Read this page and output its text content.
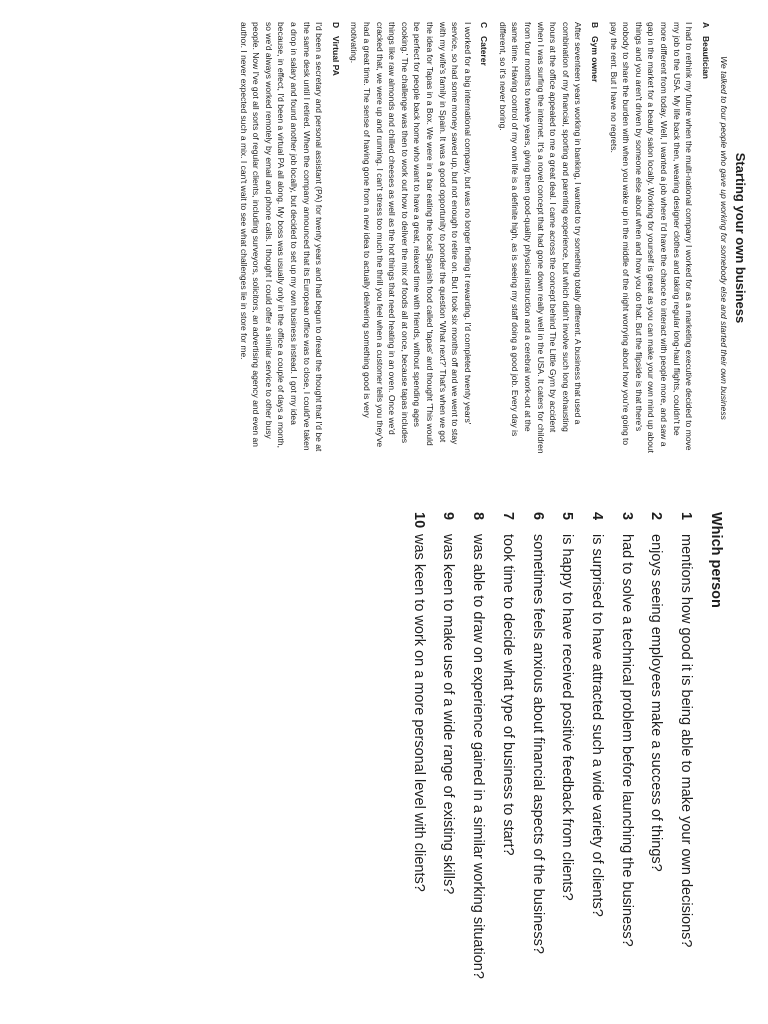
Starting your own business
We talked to four people who gave up working for somebody else and started their own business
ABeautician

I had to rethink my future when the multi-national company I worked for as a marketing executive decided to move my job to the USA. My life back then, wearing designer clothes and taking regular long-haul flights, couldn't be more different from today. Well, I wanted a job where I'd have the chance to interact with people more, and saw a gap in the market for a beauty salon locally. Working for yourself is great as you can make your own mind up about things and you aren't driven by someone else about when and how you do that. But the flipside is that there's nobody to share the burden with when you wake up in the middle of the night worrying about how you're going to pay the rent. But I have no regrets.

BGym owner

After seventeen years working in banking, I wanted to try something totally different. A business that used a combination of my financial, sporting and parenting experience, but which didn't involve such long exhausting hours at the office appealed to me a great deal. I came across the concept behind The Little Gym by accident when I was surfing the internet. It's a novel concept that had gone down really well in the USA. It caters for children from four months to twelve years, giving them good-quality physical instruction and a cerebral work-out at the same time. Having control of my own life is a definite high, as is seeing my staff doing a good job. Every day is different, so it's never boring.

CCaterer

I worked for a big international company, but was no longer finding it rewarding. I'd completed twenty years' service, so had some money saved up, but not enough to retire on. But I took six months off and we went to stay with my wife's family in Spain. It was a good opportunity to ponder the question 'What next?' That's when we got the idea for Tapas in a Box. We were in a bar eating the local Spanish food called 'tapas' and thought 'This would be perfect for people back home who want to have a great, relaxed time with friends, without spending ages cooking.' The challenge was then to work out how to deliver the mix of foods all at once, because tapas includes things like raw almonds and chilled cheeses as well as the hot things that need heating in an oven. Once we'd cracked that, we were up and running. I can't stress too much the thrill you feel when a customer tells you they've had a great time. The sense of having gone from a new idea to actually delivering something good is very motivating.

DVirtual PA

I'd been a secretary and personal assistant (PA) for twenty years and had begun to dread the thought that I'd be at the same desk until I retired. When the company announced that its European office was to close, I could've taken a drop in salary and found another job locally, but decided to set up my own business instead. I got my idea because, in effect, I'd been a virtual PA all along. My boss was usually only in the office a couple of days a month, so we'd always worked remotely by email and phone calls. I thought I could offer a similar service to other busy people. Now I've got all sorts of regular clients, including surveyors, solicitors, an advertising agency and even an author. I never expected such a mix. I can't wait to see what challenges lie in store for me.

Which person
1
mentions how good it is being able to make your own decisions?
2
enjoys seeing employees make a success of things?
3
had to solve a technical problem before launching the business?
4
is surprised to have attracted such a wide variety of clients?
5
is happy to have received positive feedback from clients?
6
sometimes feels anxious about financial aspects of the business?
7
took time to decide what type of business to start?
8
was able to draw on experience gained in a similar working situation?
9
was keen to make use of a wide range of existing skills?
10
was keen to work on a more personal level with clients?
